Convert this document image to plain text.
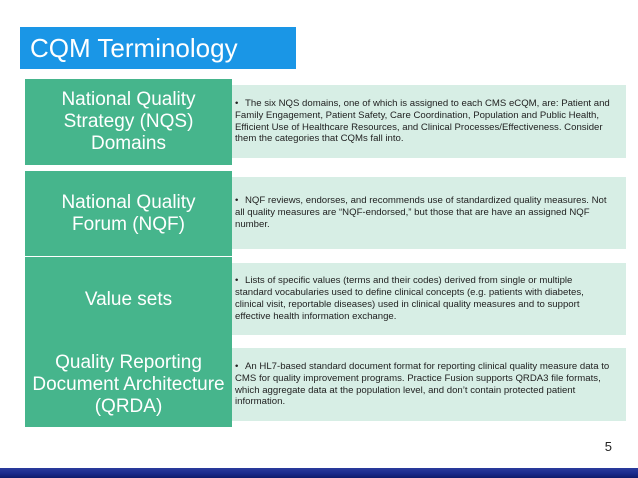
CQM Terminology
• The six NQS domains, one of which is assigned to each CMS eCQM, are: Patient and Family Engagement, Patient Safety, Care Coordination, Population and Public Health, Efficient Use of Healthcare Resources, and Clinical Processes/Effectiveness. Consider them the categories that CQMs fall into.
National Quality Strategy (NQS) Domains
• NQF reviews, endorses, and recommends use of standardized quality measures. Not all quality measures are “NQF-endorsed,” but those that are have an assigned NQF number.
National Quality Forum (NQF)
• Lists of specific values (terms and their codes) derived from single or multiple standard vocabularies used to define clinical concepts (e.g. patients with diabetes, clinical visit, reportable diseases) used in clinical quality measures and to support effective health information exchange.
Value sets
• An HL7-based standard document format for reporting clinical quality measure data to CMS for quality improvement programs. Practice Fusion supports QRDA3 file formats, which aggregate data at the population level, and don’t contain protected patient information.
Quality Reporting Document Architecture (QRDA)
5
